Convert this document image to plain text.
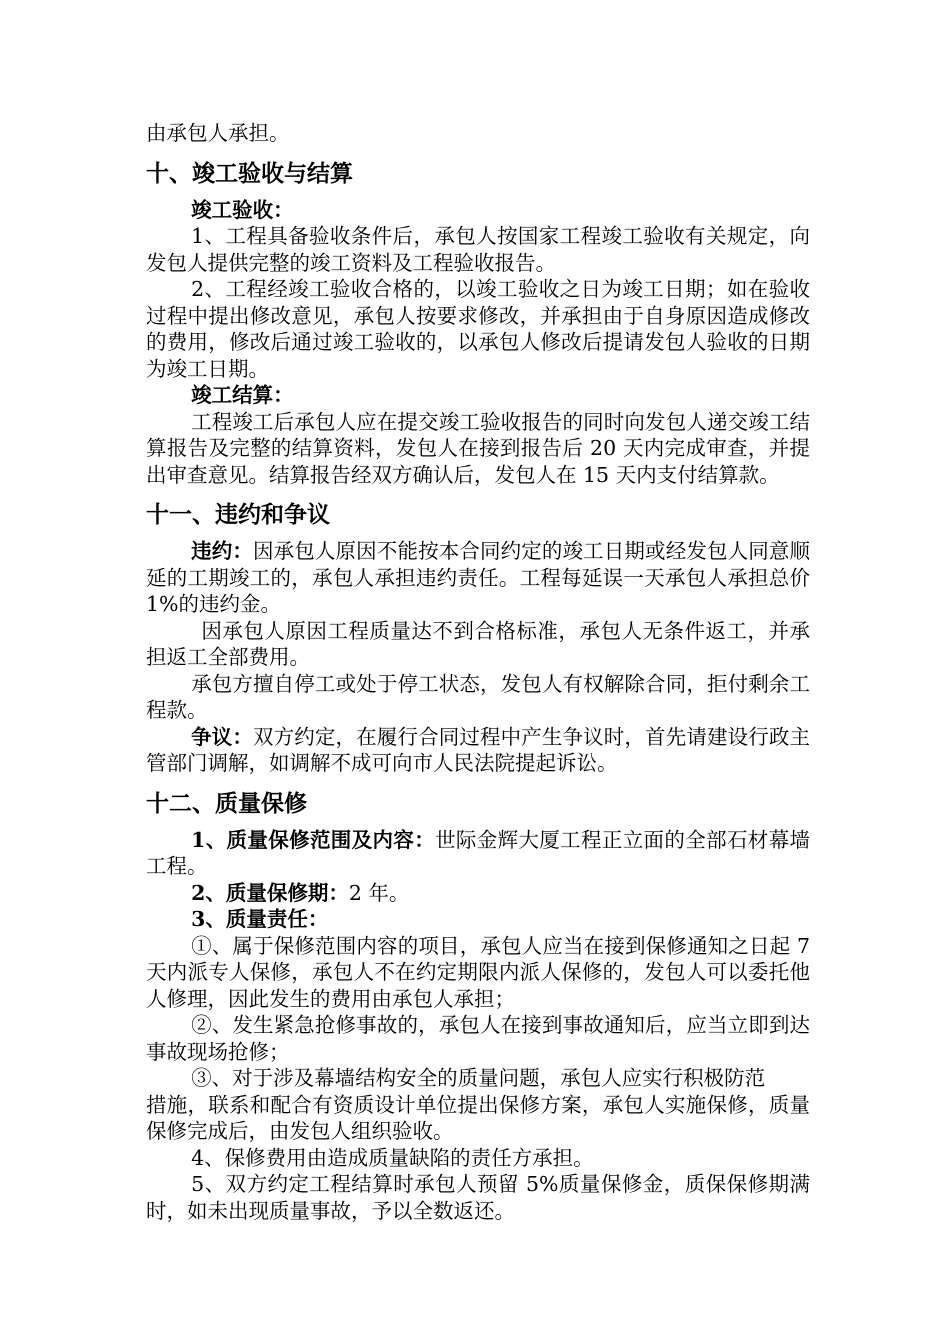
由承包人承担。

十、竣工验收与结算

竣工验收：

1、工程具备验收条件后，承包人按国家工程竣工验收有关规定，向发包人提供完整的竣工资料及工程验收报告。

2、工程经竣工验收合格的，以竣工验收之日为竣工日期；如在验收过程中提出修改意见，承包人按要求修改，并承担由于自身原因造成修改的费用，修改后通过竣工验收的，以承包人修改后提请发包人验收的日期为竣工日期。

竣工结算：

工程竣工后承包人应在提交竣工验收报告的同时向发包人递交竣工结算报告及完整的结算资料，发包人在接到报告后 20 天内完成审查，并提出审查意见。结算报告经双方确认后，发包人在 15 天内支付结算款。

十一、违约和争议

违约：因承包人原因不能按本合同约定的竣工日期或经发包人同意顺延的工期竣工的，承包人承担违约责任。工程每延误一天承包人承担总价 1%的违约金。

因承包人原因工程质量达不到合格标准，承包人无条件返工，并承担返工全部费用。

承包方擅自停工或处于停工状态，发包人有权解除合同，拒付剩余工程款。

争议：双方约定，在履行合同过程中产生争议时，首先请建设行政主管部门调解，如调解不成可向市人民法院提起诉讼。

十二、质量保修

1、质量保修范围及内容：世际金辉大厦工程正立面的全部石材幕墙工程。

2、质量保修期：2 年。

3、质量责任：

①、属于保修范围内容的项目，承包人应当在接到保修通知之日起 7 天内派专人保修，承包人不在约定期限内派人保修的，发包人可以委托他人修理，因此发生的费用由承包人承担；

②、发生紧急抢修事故的，承包人在接到事故通知后，应当立即到达事故现场抢修；

③、对于涉及幕墙结构安全的质量问题，承包人应实行积极防范

措施，联系和配合有资质设计单位提出保修方案，承包人实施保修，质量保修完成后，由发包人组织验收。

4、保修费用由造成质量缺陷的责任方承担。

5、双方约定工程结算时承包人预留 5%质量保修金，质保保修期满时，如未出现质量事故，予以全数返还。
